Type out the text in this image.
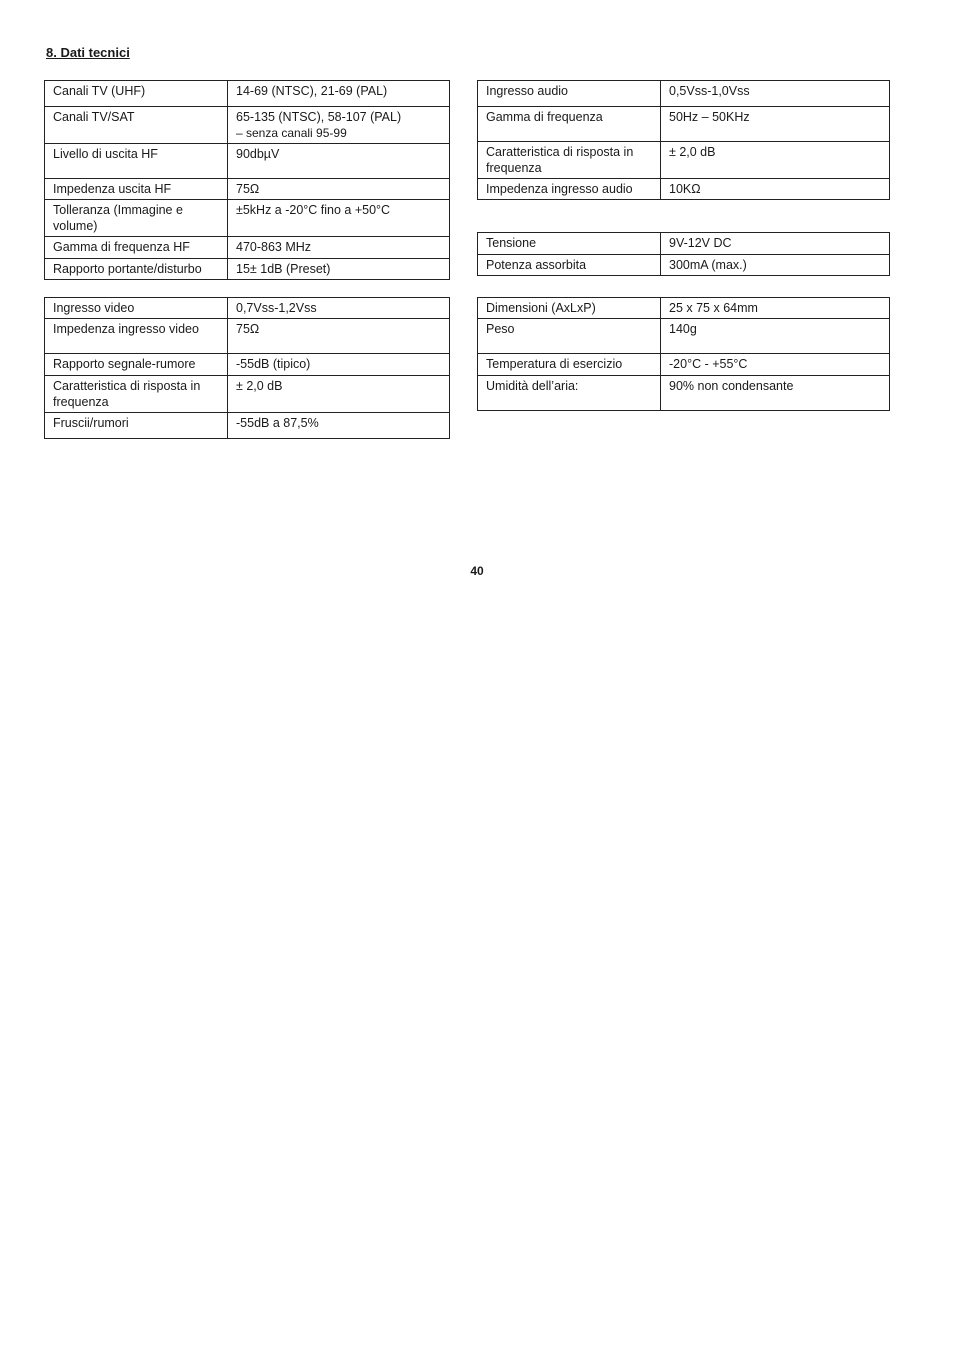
8. Dati tecnici
Canali TV (UHF)	14-69 (NTSC), 21-69 (PAL)
Canali TV/SAT	65-135 (NTSC), 58-107 (PAL)
– senza canali 95-99

Livello di uscita HF	90dbµV
Impedenza uscita HF	75Ω
Tolleranza (Immagine e volume)	±5kHz a -20°C fino a +50°C
Gamma di frequenza HF	470-863 MHz
Rapporto portante/disturbo	15± 1dB (Preset)
Ingresso video	0,7Vss-1,2Vss
Impedenza ingresso video	75Ω
Rapporto segnale-rumore	-55dB (tipico)
Caratteristica di risposta in frequenza	± 2,0 dB
Fruscii/rumori	-55dB a 87,5%
Ingresso audio	0,5Vss-1,0Vss
Gamma di frequenza	50Hz – 50KHz
Caratteristica di risposta in frequenza	± 2,0 dB
Impedenza ingresso audio	10KΩ
Tensione	9V-12V DC
Potenza assorbita	300mA (max.)
Dimensioni (AxLxP)	25 x 75 x 64mm
Peso	140g
Temperatura di esercizio	-20°C - +55°C
Umidità dell’aria:	90% non condensante
40
